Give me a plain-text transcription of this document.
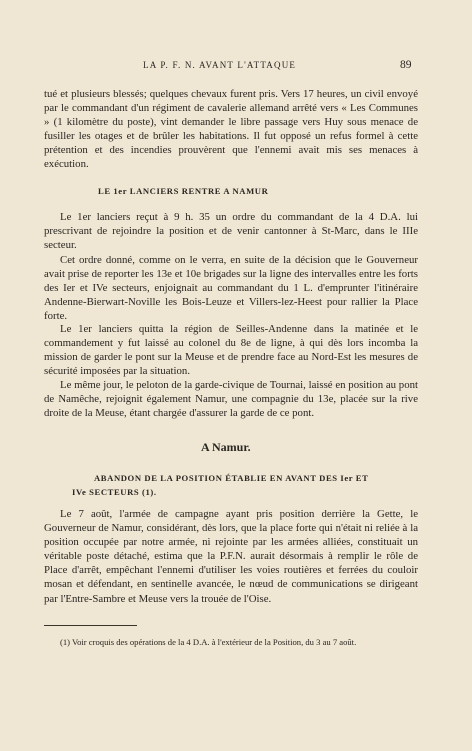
LA P. F. N. AVANT L'ATTAQUE	89

tué et plusieurs blessés; quelques chevaux furent pris. Vers 17 heures, un civil envoyé par le commandant d'un régiment de cavalerie allemand arrêté vers « Les Communes » (1 kilomètre du poste), vint demander le libre passage vers Huy sous menace de fusiller les otages et de brûler les habitations. Il fut opposé un refus formel à cette prétention et des incendies prouvèrent que l'ennemi avait mis ses menaces à exécution.

LE 1er LANCIERS RENTRE A NAMUR

Le 1er lanciers reçut à 9 h. 35 un ordre du commandant de la 4 D.A. lui prescrivant de rejoindre la position et de venir cantonner à St-Marc, dans le IIIe secteur.

Cet ordre donné, comme on le verra, en suite de la décision que le Gouverneur avait prise de reporter les 13e et 10e brigades sur la ligne des intervalles entre les forts des Ier et IVe secteurs, enjoignait au commandant du 1 L. d'emprunter l'itinéraire Andenne-Bierwart-Noville les Bois-Leuze et Villers-lez-Heest pour rallier la Place forte.

Le 1er lanciers quitta la région de Seilles-Andenne dans la matinée et le commandement y fut laissé au colonel du 8e de ligne, à qui dès lors incomba la mission de garder le pont sur la Meuse et de prendre face au Nord-Est les mesures de sécurité imposées par la situation.

Le même jour, le peloton de la garde-civique de Tournai, laissé en position au pont de Namêche, rejoignit également Namur, une compagnie du 13e, placée sur la rive droite de la Meuse, étant chargée d'assurer la garde de ce pont.

A Namur.

ABANDON DE LA POSITION ÉTABLIE EN AVANT DES Ier ET

IVe SECTEURS (1).

Le 7 août, l'armée de campagne ayant pris position derrière la Gette, le Gouverneur de Namur, considérant, dès lors, que la place forte qui n'était ni reliée à la position occupée par notre armée, ni rejointe par les armées alliées, constituait un véritable poste détaché, estima que la P.F.N. aurait désormais à remplir le rôle de Place d'arrêt, empêchant l'ennemi d'utiliser les voies routières et ferrées du couloir mosan et défendant, en sentinelle avancée, le nœud de communications se dirigeant par l'Entre-Sambre et Meuse vers la trouée de l'Oise.

(1) Voir croquis des opérations de la 4 D.A. à l'extérieur de la Position, du 3 au 7 août.
